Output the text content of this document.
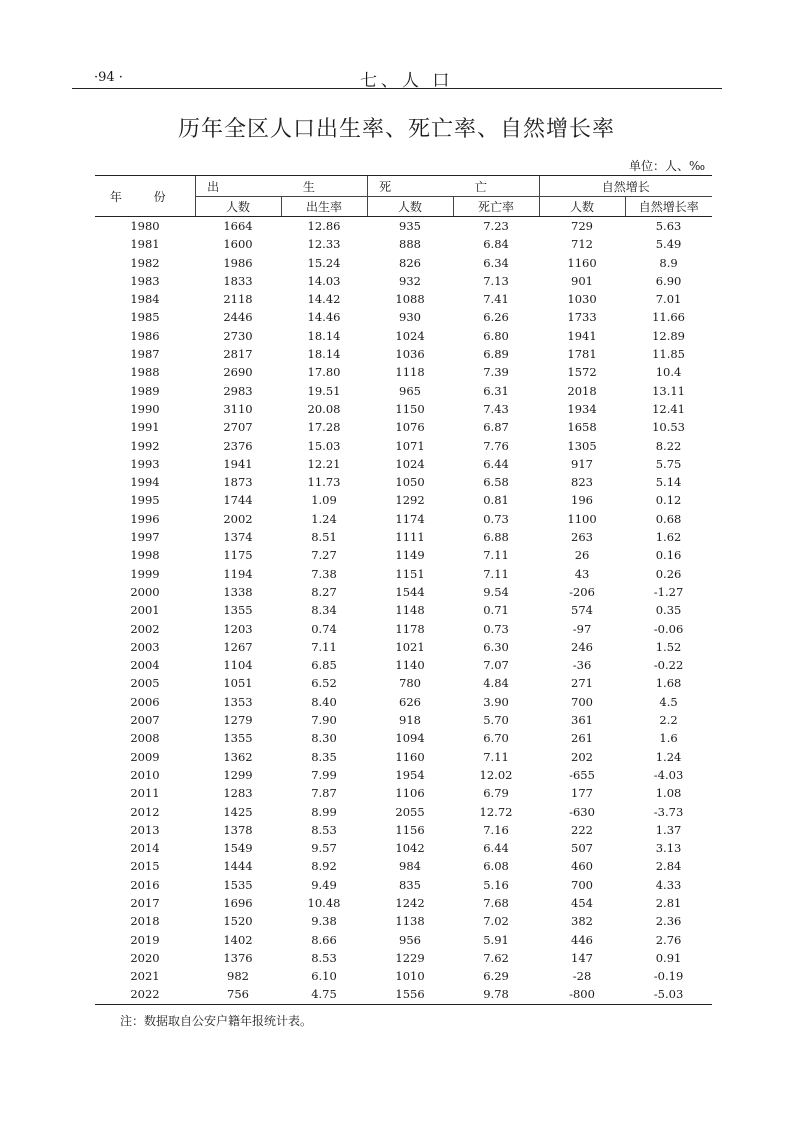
·94 ·	七、人 口
历年全区人口出生率、死亡率、自然增长率
单位：人、‰
年 份	出 生		死 亡		自然增长	
	人数	出生率	人数	死亡率	人数	自然增长率
1980	1664	12.86	935	7.23	729	5.63
1981	1600	12.33	888	6.84	712	5.49
1982	1986	15.24	826	6.34	1160	8.9
1983	1833	14.03	932	7.13	901	6.90
1984	2118	14.42	1088	7.41	1030	7.01
1985	2446	14.46	930	6.26	1733	11.66
1986	2730	18.14	1024	6.80	1941	12.89
1987	2817	18.14	1036	6.89	1781	11.85
1988	2690	17.80	1118	7.39	1572	10.4
1989	2983	19.51	965	6.31	2018	13.11
1990	3110	20.08	1150	7.43	1934	12.41
1991	2707	17.28	1076	6.87	1658	10.53
1992	2376	15.03	1071	7.76	1305	8.22
1993	1941	12.21	1024	6.44	917	5.75
1994	1873	11.73	1050	6.58	823	5.14
1995	1744	1.09	1292	0.81	196	0.12
1996	2002	1.24	1174	0.73	1100	0.68
1997	1374	8.51	1111	6.88	263	1.62
1998	1175	7.27	1149	7.11	26	0.16
1999	1194	7.38	1151	7.11	43	0.26
2000	1338	8.27	1544	9.54	-206	-1.27
2001	1355	8.34	1148	0.71	574	0.35
2002	1203	0.74	1178	0.73	-97	-0.06
2003	1267	7.11	1021	6.30	246	1.52
2004	1104	6.85	1140	7.07	-36	-0.22
2005	1051	6.52	780	4.84	271	1.68
2006	1353	8.40	626	3.90	700	4.5
2007	1279	7.90	918	5.70	361	2.2
2008	1355	8.30	1094	6.70	261	1.6
2009	1362	8.35	1160	7.11	202	1.24
2010	1299	7.99	1954	12.02	-655	-4.03
2011	1283	7.87	1106	6.79	177	1.08
2012	1425	8.99	2055	12.72	-630	-3.73
2013	1378	8.53	1156	7.16	222	1.37
2014	1549	9.57	1042	6.44	507	3.13
2015	1444	8.92	984	6.08	460	2.84
2016	1535	9.49	835	5.16	700	4.33
2017	1696	10.48	1242	7.68	454	2.81
2018	1520	9.38	1138	7.02	382	2.36
2019	1402	8.66	956	5.91	446	2.76
2020	1376	8.53	1229	7.62	147	0.91
2021	982	6.10	1010	6.29	-28	-0.19
2022	756	4.75	1556	9.78	-800	-5.03
注：数据取自公安户籍年报统计表。
